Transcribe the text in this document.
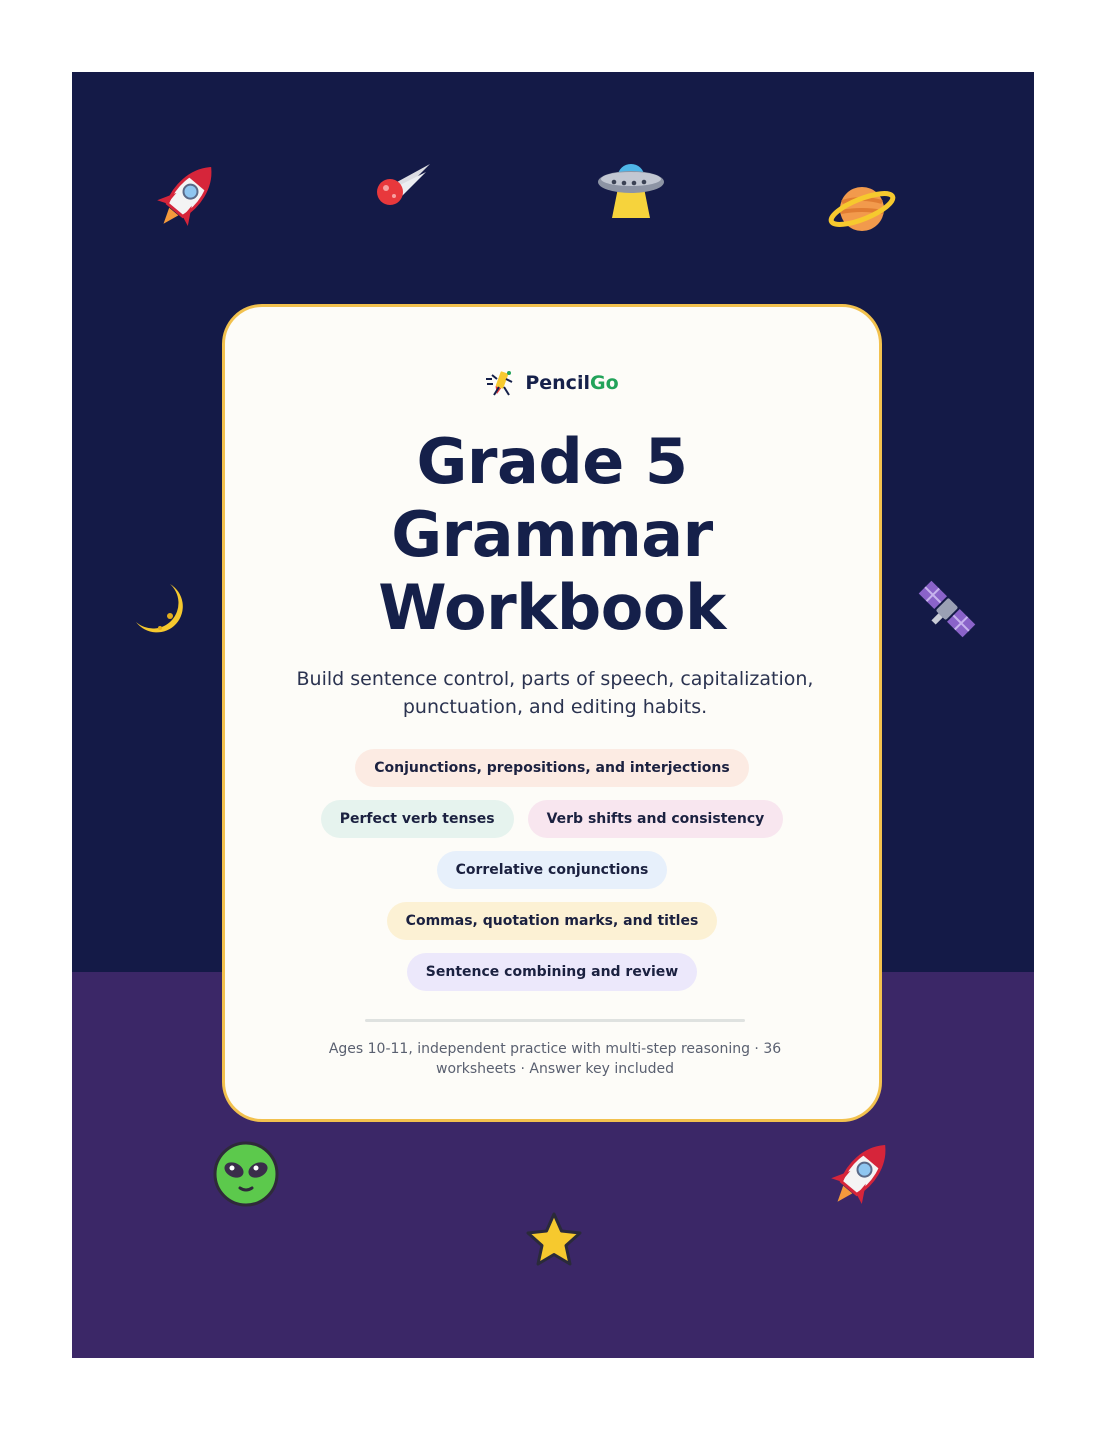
PencilGo
Grade 5
Grammar
Workbook

Build sentence control, parts of speech, capitalization, punctuation, and editing habits.

Conjunctions, prepositions, and interjections
Perfect verb tenses	Verb shifts and consistency
Correlative conjunctions
Commas, quotation marks, and titles
Sentence combining and review

Ages 10-11, independent practice with multi-step reasoning · 36 worksheets · Answer key included
